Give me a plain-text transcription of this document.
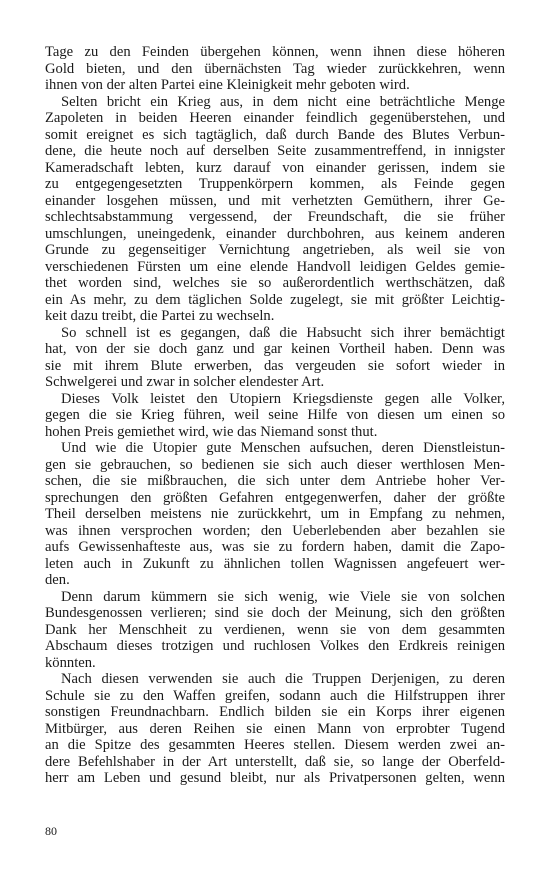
Tage zu den Feinden übergehen können, wenn ihnen diese höheren
Gold bieten, und den übernächsten Tag wieder zurückkehren, wenn
ihnen von der alten Partei eine Kleinigkeit mehr geboten wird.
Selten bricht ein Krieg aus, in dem nicht eine beträchtliche Menge
Zapoleten in beiden Heeren einander feindlich gegenüberstehen, und
somit ereignet es sich tagtäglich, daß durch Bande des Blutes Verbun-
dene, die heute noch auf derselben Seite zusammentreffend, in innigster
Kameradschaft lebten, kurz darauf von einander gerissen, indem sie
zu entgegengesetzten Truppenkörpern kommen, als Feinde gegen
einander losgehen müssen, und mit verhetzten Gemüthern, ihrer Ge-
schlechtsabstammung vergessend, der Freundschaft, die sie früher
umschlungen, uneingedenk, einander durchbohren, aus keinem anderen
Grunde zu gegenseitiger Vernichtung angetrieben, als weil sie von
verschiedenen Fürsten um eine elende Handvoll leidigen Geldes gemie-
thet worden sind, welches sie so außerordentlich werthschätzen, daß
ein As mehr, zu dem täglichen Solde zugelegt, sie mit größter Leichtig-
keit dazu treibt, die Partei zu wechseln.
So schnell ist es gegangen, daß die Habsucht sich ihrer bemächtigt
hat, von der sie doch ganz und gar keinen Vortheil haben. Denn was
sie mit ihrem Blute erwerben, das vergeuden sie sofort wieder in
Schwelgerei und zwar in solcher elendester Art.
Dieses Volk leistet den Utopiern Kriegsdienste gegen alle Volker,
gegen die sie Krieg führen, weil seine Hilfe von diesen um einen so
hohen Preis gemiethet wird, wie das Niemand sonst thut.
Und wie die Utopier gute Menschen aufsuchen, deren Dienstleistun-
gen sie gebrauchen, so bedienen sie sich auch dieser werthlosen Men-
schen, die sie mißbrauchen, die sich unter dem Antriebe hoher Ver-
sprechungen den größten Gefahren entgegenwerfen, daher der größte
Theil derselben meistens nie zurückkehrt, um in Empfang zu nehmen,
was ihnen versprochen worden; den Ueberlebenden aber bezahlen sie
aufs Gewissenhafteste aus, was sie zu fordern haben, damit die Zapo-
leten auch in Zukunft zu ähnlichen tollen Wagnissen angefeuert wer-
den.
Denn darum kümmern sie sich wenig, wie Viele sie von solchen
Bundesgenossen verlieren; sind sie doch der Meinung, sich den größten
Dank her Menschheit zu verdienen, wenn sie von dem gesammten
Abschaum dieses trotzigen und ruchlosen Volkes den Erdkreis reinigen
könnten.
Nach diesen verwenden sie auch die Truppen Derjenigen, zu deren
Schule sie zu den Waffen greifen, sodann auch die Hilfstruppen ihrer
sonstigen Freundnachbarn. Endlich bilden sie ein Korps ihrer eigenen
Mitbürger, aus deren Reihen sie einen Mann von erprobter Tugend
an die Spitze des gesammten Heeres stellen. Diesem werden zwei an-
dere Befehlshaber in der Art unterstellt, daß sie, so lange der Oberfeld-
herr am Leben und gesund bleibt, nur als Privatpersonen gelten, wenn
80
